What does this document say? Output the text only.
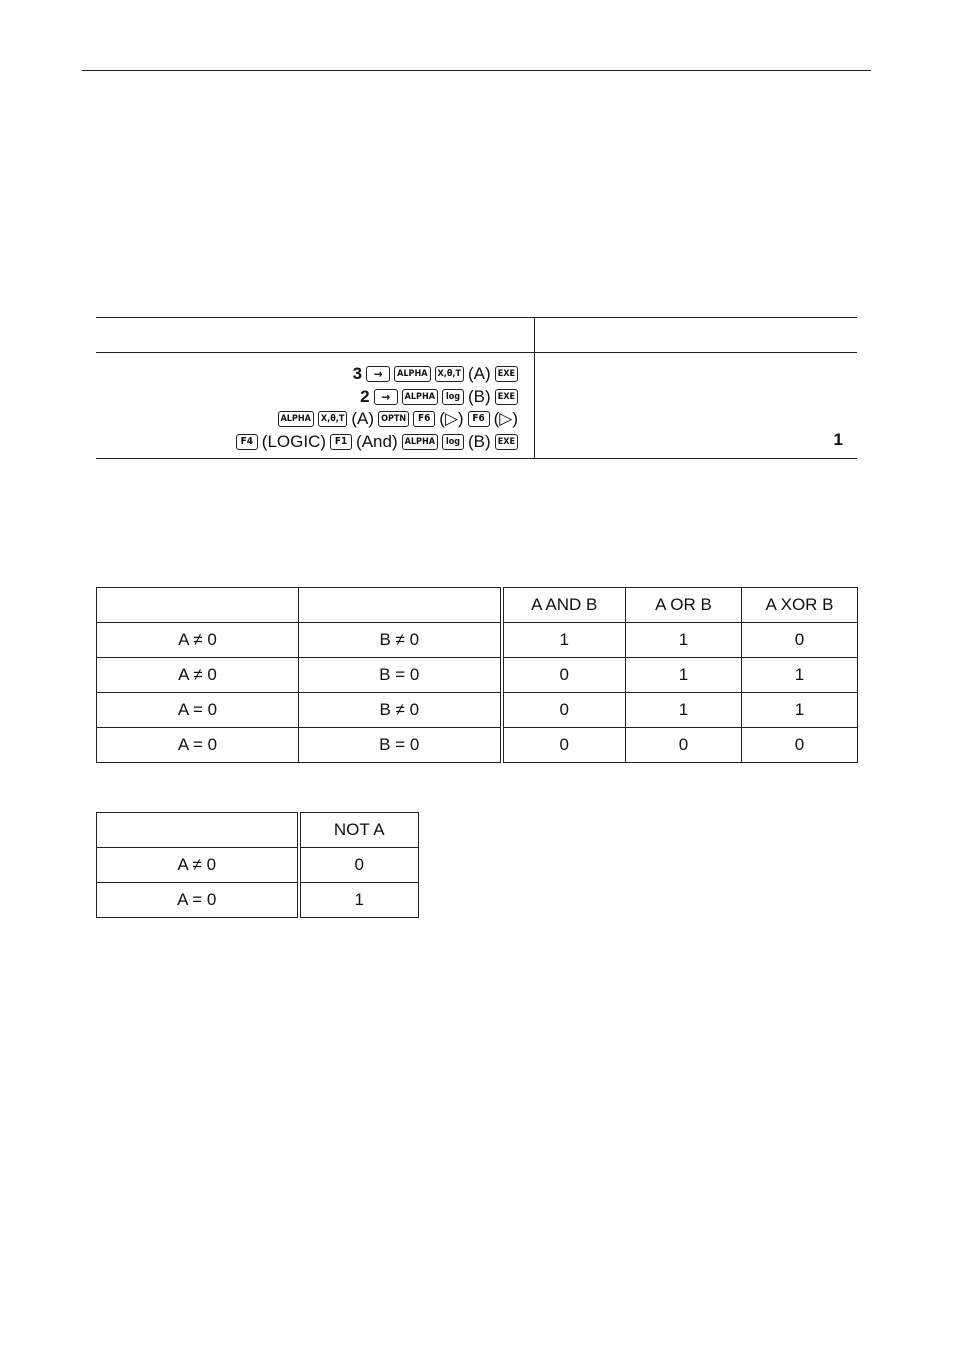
3 →	ALPHA	X,θ,T (A) EXE
2 →	ALPHA	log (B) EXE
ALPHA	X,θ,T (A) OPTN	F6 (▷) F6 (▷)
F4 (LOGIC) F1 (And) ALPHA	log (B) EXE	1
		A AND B	A OR B	A XOR B
A ≠ 0	B ≠ 0	1	1	0
A ≠ 0	B = 0	0	1	1
A = 0	B ≠ 0	0	1	1
A = 0	B = 0	0	0	0
	NOT A
A ≠ 0	0
A = 0	1
